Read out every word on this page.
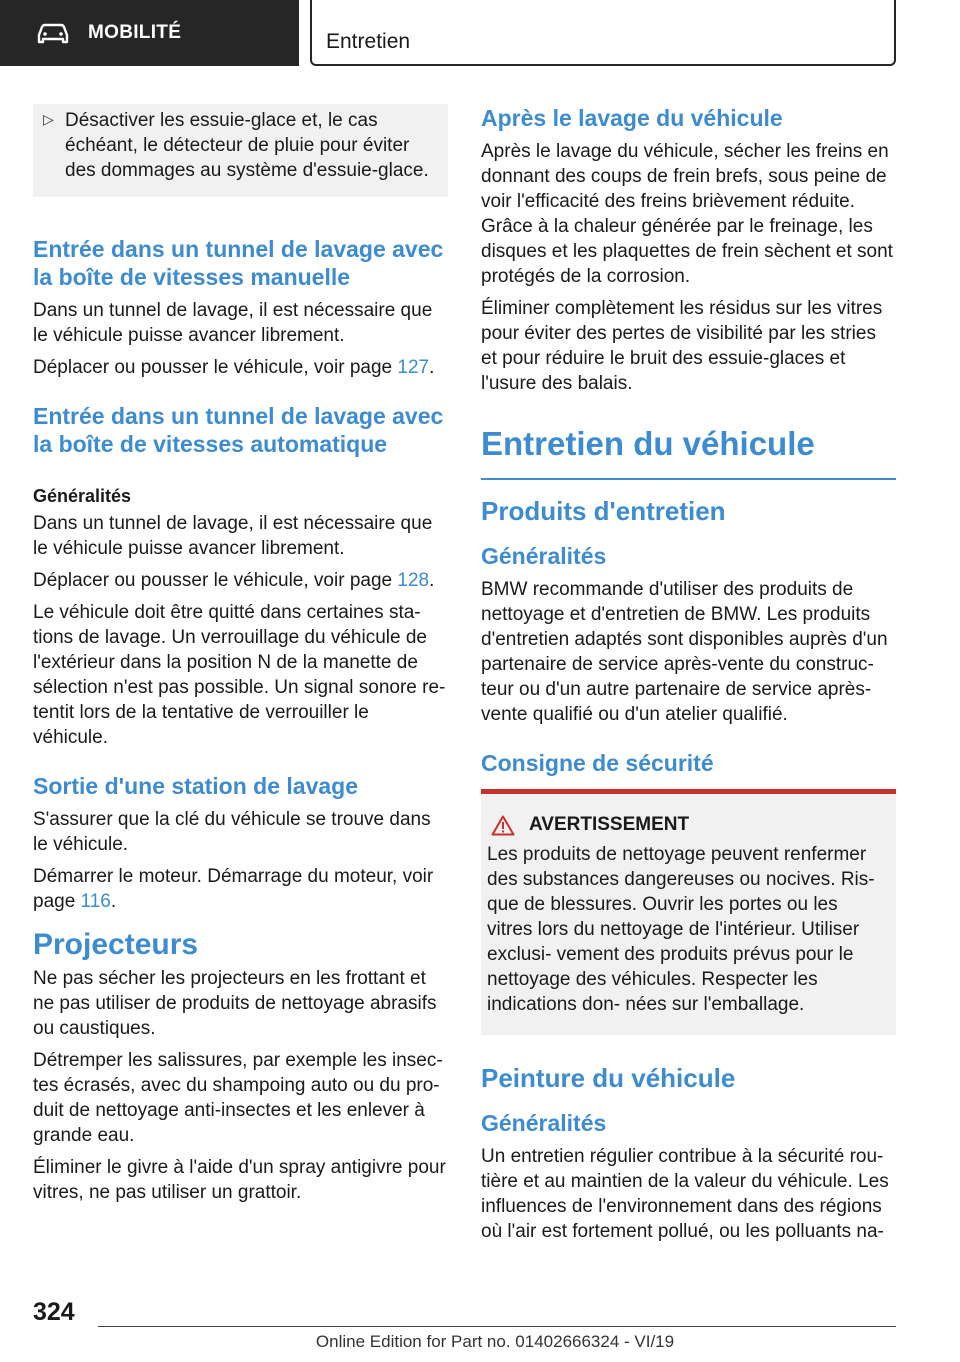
MOBILITÉ	Entretien
▷ Désactiver les essuie-glace et, le cas échéant, le détecteur de pluie pour éviter des dommages au système d'essuie-glace.

Entrée dans un tunnel de lavage avec la boîte de vitesses manuelle

Dans un tunnel de lavage, il est nécessaire que le véhicule puisse avancer librement.

Déplacer ou pousser le véhicule, voir page 127.

Entrée dans un tunnel de lavage avec la boîte de vitesses automatique
Généralités

Dans un tunnel de lavage, il est nécessaire que le véhicule puisse avancer librement.

Déplacer ou pousser le véhicule, voir page 128.

Le véhicule doit être quitté dans certaines sta- tions de lavage. Un verrouillage du véhicule de l'extérieur dans la position N de la manette de sélection n'est pas possible. Un signal sonore re- tentit lors de la tentative de verrouiller le véhicule.

Sortie d'une station de lavage

S'assurer que la clé du véhicule se trouve dans le véhicule.

Démarrer le moteur. Démarrage du moteur, voir page 116.

Projecteurs

Ne pas sécher les projecteurs en les frottant et ne pas utiliser de produits de nettoyage abrasifs ou caustiques.

Détremper les salissures, par exemple les insec- tes écrasés, avec du shampoing auto ou du pro- duit de nettoyage anti-insectes et les enlever à grande eau.

Éliminer le givre à l'aide d'un spray antigivre pour vitres, ne pas utiliser un grattoir.

Après le lavage du véhicule

Après le lavage du véhicule, sécher les freins en donnant des coups de frein brefs, sous peine de voir l'efficacité des freins brièvement réduite. Grâce à la chaleur générée par le freinage, les disques et les plaquettes de frein sèchent et sont protégés de la corrosion.

Éliminer complètement les résidus sur les vitres pour éviter des pertes de visibilité par les stries et pour réduire le bruit des essuie-glaces et l'usure des balais.

Entretien du véhicule
Produits d'entretien
Généralités

BMW recommande d'utiliser des produits de nettoyage et d'entretien de BMW. Les produits d'entretien adaptés sont disponibles auprès d'un partenaire de service après-vente du construc- teur ou d'un autre partenaire de service après- vente qualifié ou d'un atelier qualifié.

Consigne de sécurité
AVERTISSEMENT

Les produits de nettoyage peuvent renfermer des substances dangereuses ou nocives. Ris- que de blessures. Ouvrir les portes ou les vitres lors du nettoyage de l'intérieur. Utiliser exclusi- vement des produits prévus pour le nettoyage des véhicules. Respecter les indications don- nées sur l'emballage.

Peinture du véhicule
Généralités

Un entretien régulier contribue à la sécurité rou- tière et au maintien de la valeur du véhicule. Les influences de l'environnement dans des régions où l'air est fortement pollué, ou les polluants na-

324
Online Edition for Part no. 01402666324 - VI/19
